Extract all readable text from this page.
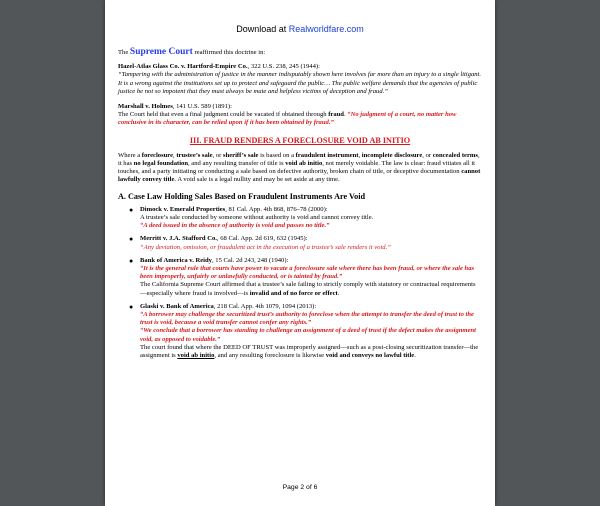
Download at Realworldfare.com

The Supreme Court reaffirmed this doctrine in:

Hazel-Atlas Glass Co. v. Hartford-Empire Co., 322 U.S. 238, 245 (1944):
“Tampering with the administration of justice in the manner indisputably shown here involves far more than an injury to a single litigant. It is a wrong against the institutions set up to protect and safeguard the public… The public welfare demands that the agencies of public justice be not so impotent that they must always be mute and helpless victims of deception and fraud.”

Marshall v. Holmes, 141 U.S. 589 (1891):
The Court held that even a final judgment could be vacated if obtained through fraud. “No judgment of a court, no matter how conclusive in its character, can be relied upon if it has been obtained by fraud.”

III. FRAUD RENDERS A FORECLOSURE VOID AB INITIO

Where a foreclosure, trustee’s sale, or sheriff’s sale is based on a fraudulent instrument, incomplete disclosure, or concealed terms, it has no legal foundation, and any resulting transfer of title is void ab initio, not merely voidable. The law is clear: fraud vitiates all it touches, and a party initiating or conducting a sale based on defective authority, broken chain of title, or deceptive documentation cannot lawfully convey title. A void sale is a legal nullity and may be set aside at any time.

A. Case Law Holding Sales Based on Fraudulent Instruments Are Void
● Dimock v. Emerald Properties, 81 Cal. App. 4th 868, 876–78 (2000):
A trustee’s sale conducted by someone without authority is void and cannot convey title.
“A deed issued in the absence of authority is void and passes no title.”
● Merritt v. J.A. Stafford Co., 68 Cal. App. 2d 619, 632 (1945):
“Any deviation, omission, or fraudulent act in the execution of a trustee’s sale renders it void.”
● Bank of America v. Reidy, 15 Cal. 2d 243, 248 (1940):
“It is the general rule that courts have power to vacate a foreclosure sale where there has been fraud, or where the sale has been improperly, unfairly or unlawfully conducted, or is tainted by fraud.”
The California Supreme Court affirmed that a trustee’s sale failing to strictly comply with statutory or contractual requirements—especially where fraud is involved—is invalid and of no force or effect.
● Glaski v. Bank of America, 218 Cal. App. 4th 1079, 1094 (2013):
“A borrower may challenge the securitized trust’s authority to foreclose when the attempt to transfer the deed of trust to the trust is void, because a void transfer cannot confer any rights.”
“We conclude that a borrower has standing to challenge an assignment of a deed of trust if the defect makes the assignment void, as opposed to voidable.”
The court found that where the DEED OF TRUST was improperly assigned—such as a post-closing securitization transfer—the assignment is void ab initio, and any resulting foreclosure is likewise void and conveys no lawful title.
Page 2 of 6
